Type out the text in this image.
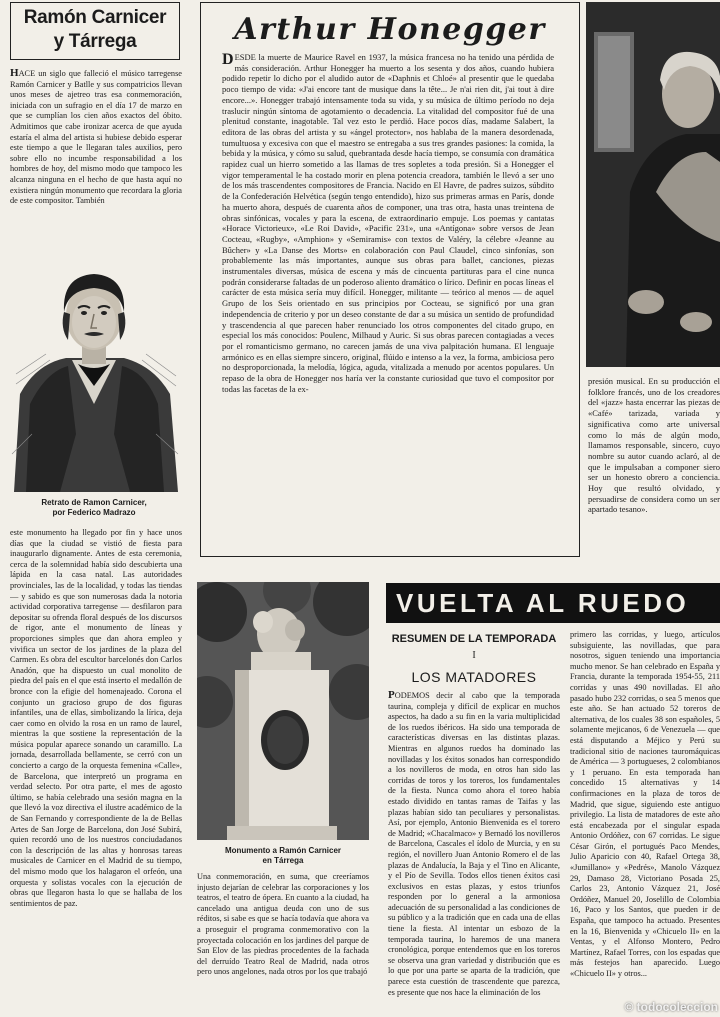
Ramón Carnicer
y Tárrega

HACE un siglo que falleció el músico tarregense Ramón Carnicer y Batlle y sus compatricios llevan unos meses de ajetreo tras esa conmemoración, iniciada con un sufragio en el día 17 de marzo en que se cumplían los cien años exactos del óbito. Admitimos que cabe ironizar acerca de que ayuda estaría el alma del artista si hubiese debido esperar este tiempo a que le llegaran tales auxilios, pero sobre ello no incumbe responsabilidad a los hombres de hoy, del mismo modo que tampoco les alcanza ninguna en el hecho de que hasta aquí no existiera ningún monumento que recordara la gloria de este compositor. También

Retrato de Ramon Carnicer,
por Federico Madrazo

este monumento ha llegado por fin y hace unos días que la ciudad se vistió de fiesta para inaugurarlo dignamente. Antes de esta ceremonia, cerca de la solemnidad había sido descubierta una lápida en la casa natal. Las autoridades provinciales, las de la localidad, y todas las tiendas — y sabido es que son numerosas dada la notoria actividad corporativa tarregense — desfilaron para depositar su ofrenda floral después de los discursos de rigor, ante el monumento de líneas y proporciones simples que dan ahora empleo y vivifica un sector de los jardines de la plaza del Carmen. Es obra del escultor barcelonés don Carlos Anadón, que ha dispuesto un cual monolito de piedra del país en el que está inserto el medallón de bronce con la efigie del homenajeado. Corona el conjunto un gracioso grupo de dos figuras infantiles, una de ellas, simbolizando la lírica, deja caer como en olvido la rosa en un ramo de laurel, mientras la que sostiene la representación de la música popular aparece sonando un caramillo. La jornada, desarrollada bellamente, se cerró con un concierto a cargo de la orquesta femenina «Calle», de Barcelona, que interpretó un programa en verdad selecto. Por otra parte, el mes de agosto último, se había celebrado una sesión magna en la que llevó la voz directiva el ilustre académico de la de San Fernando y correspondiente de la de Bellas Artes de San Jorge de Barcelona, don José Subirá, quien recordó uno de los nuestros conciudadanos con la descripción de las altas y honrosas tareas musicales de Carnicer en el Madrid de su tiempo, del mismo modo que los halagaron el orfeón, una orquesta y solistas vocales con la ejecución de obras que llegaron hasta lo que se hallaba de los sentimientos de paz.

Arthur Honegger

DESDE la muerte de Maurice Ravel en 1937, la música francesa no ha tenido una pérdida de más consideración. Arthur Honegger ha muerto a los sesenta y dos años, cuando hubiera podido repetir lo dicho por el aludido autor de «Daphnis et Chloé» al presentir que le quedaba poco tiempo de vida: «J'ai encore tant de musique dans la tête... Je n'ai rien dit, j'ai tout à dire encore...». Honegger trabajó intensamente toda su vida, y su música de último período no deja traslucir ningún síntoma de agotamiento o decadencia. La vitalidad del compositor fué de una plenitud constante, inagotable. Tal vez esto le perdió. Hace pocos días, madame Salabert, la editora de las obras del artista y su «ángel protector», nos hablaba de la manera desordenada, tumultuosa y excesiva con que el maestro se entregaba a sus tres grandes pasiones: la comida, la bebida y la música, y cómo su salud, quebrantada desde hacía tiempo, se consumía con dramática rapidez cual un hierro sometido a las llamas de tres sopletes a toda presión. Si a Honegger el vigor temperamental le ha costado morir en plena potencia creadora, también le llevó a ser uno de los más trascendentes compositores de Francia. Nacido en El Havre, de padres suizos, súbdito de la Confederación Helvética (según tengo entendido), hizo sus primeras armas en París, donde ha muerto ahora, después de cuarenta años de componer, una tras otra, hasta unas treintena de obras sinfónicas, vocales y para la escena, de extraordinario empuje. Los poemas y cantatas «Horace Victorieux», «Le Roi David», «Pacific 231», una «Antígona» sobre versos de Jean Cocteau, «Rugby», «Amphion» y «Semiramis» con textos de Valéry, la célebre «Jeanne au Bûcher» y «La Danse des Morts» en colaboración con Paul Claudel, cinco sinfonías, son probablemente las más importantes, aunque sus obras para ballet, canciones, piezas instrumentales diversas, música de escena y más de cincuenta partituras para el cine nunca podrán considerarse faltadas de un poderoso aliento dramático o lírico. Definir en pocas líneas el carácter de esta música sería muy difícil. Honegger, militante — teórico al menos — de aquel Grupo de los Seis orientado en sus principios por Cocteau, se significó por una gran independencia de criterio y por un deseo constante de dar a su música un sentido de profundidad y trascendencia al que parecen haber renunciado los otros componentes del citado grupo, en especial los más conocidos: Poulenc, Milhaud y Auric. Si sus obras parecen contagiadas a veces por el romanticismo germano, no carecen jamás de una viva palpitación humana. El lenguaje armónico es en ellas siempre sincero, original, flúido e intenso a la vez, la forma, ambiciosa pero no desproporcionada, la melodía, lógica, aguda, vitalizada a menudo por acentos populares. Un repaso de la obra de Honegger nos haría ver la constante curiosidad que tuvo el compositor por todas las facetas de la ex-

presión musical. En su producción el folklore francés, uno de los creadores del «jazz» hasta encerrar las piezas de «Café» tarizada, variada y significativa como arte universal como lo más de algún modo, llamamos responsable, sincero, cuyo nombre su autor cuando aclaró, al de que le impulsaban a componer siero ser un honesto obrero a conciencia. Hoy que resultó olvidado, y persuadirse de considera como un ser apartado tesano».

Monumento a Ramón Carnicer
en Tárrega

Una conmemoración, en suma, que creeríamos injusto dejarían de celebrar las corporaciones y los teatros, el teatro de ópera. En cuanto a la ciudad, ha cancelado una antigua deuda con uno de sus réditos, si sabe es que se hacía todavía que ahora va a proseguir el programa conmemorativo con la proyectada colocación en los jardines del parque de San Elov de las piedras procedentes de la fachada del derruído Teatro Real de Madrid, nada otros pero unos angelones, nada otros por los que trabajó

VUELTA AL RUEDO
RESUMEN DE LA TEMPORADA
I
LOS MATADORES

PODEMOS decir al cabo que la temporada taurina, compleja y difícil de explicar en muchos aspectos, ha dado a su fin en la varia multiplicidad de los ruedos ibéricos. Ha sido una temporada de características diversas en las distintas plazas. Mientras en algunos ruedos ha dominado las novilladas y los éxitos sonados han correspondido a los novilleros de moda, en otros han sido las corridas de toros y los toreros, los fundamentales de la fiesta. Nunca como ahora el toreo había estado dividido en tantas ramas de Taifas y las plazas habían sido tan peculiares y personalistas. Así, por ejemplo, Antonio Bienvenida es el torero de Madrid; «Chacalmaco» y Bernadó los novilleros de Barcelona, Cascales el ídolo de Murcia, y en su región, el novillero Juan Antonio Romero el de las plazas de Andalucía, la Baja y el Tino en Alicante, y el Pío de Sevilla. Todos ellos tienen éxitos casi exclusivos en estas plazas, y estos triunfos responden por lo general a la armoniosa adecuación de su personalidad a las condiciones de su público y a la tradición que en cada una de ellas tiene la fiesta. Al intentar un esbozo de la temporada taurina, lo haremos de una manera cronológica, porque entendemos que en los toreros se observa una gran variedad y distribución que es lo que por una parte se aparta de la tradición, que parece esta cuestión de trascendente que parezca, es presente que nos hace la eliminación de los

primero las corridas, y luego, artículos subsiguiente, las novilladas, que para nosotros, siguen teniendo una importancia mucho menor. Se han celebrado en España y Francia, durante la temporada 1954-55, 211 corridas y unas 490 novilladas. El año pasado hubo 232 corridas, o sea 5 menos que este año. Se han actuado 52 toreros de alternativa, de los cuales 38 son españoles, 5 solamente mejicanos, 6 de Venezuela — que está disputando a Méjico y Perú su tradicional sitio de naciones tauromáquicas de América — 3 portugueses, 2 colombianos y 1 peruano. En esta temporada han concedido 15 alternativas y 14 confirmaciones en la plaza de toros de Madrid, que sigue, siguiendo este antiguo privilegio. La lista de matadores de este año está encabezada por el singular espada Antonio Ordóñez, con 67 corridas. Le sigue César Girón, el portugués Paco Mendes, Julio Aparicio con 40, Rafael Ortega 38, «Jumillano» y «Pedrés», Manolo Vázquez 29, Damaso 28, Victoriano Posada 25, Carlos 23, Antonio Vázquez 21, José Ordóñez, Manuel 20, Joselillo de Colombia 16, Paco y los Santos, que pueden ir de España, que tampoco ha actuado. Presentes en la 16, Bienvenida y «Chicuelo II» en la Ventas, y el Alfonso Montero, Pedro Martínez, Rafael Torres, con los espadas que más festejos han aparecido. Luego «Chicuelo II» y otros...

© todocoleccion
